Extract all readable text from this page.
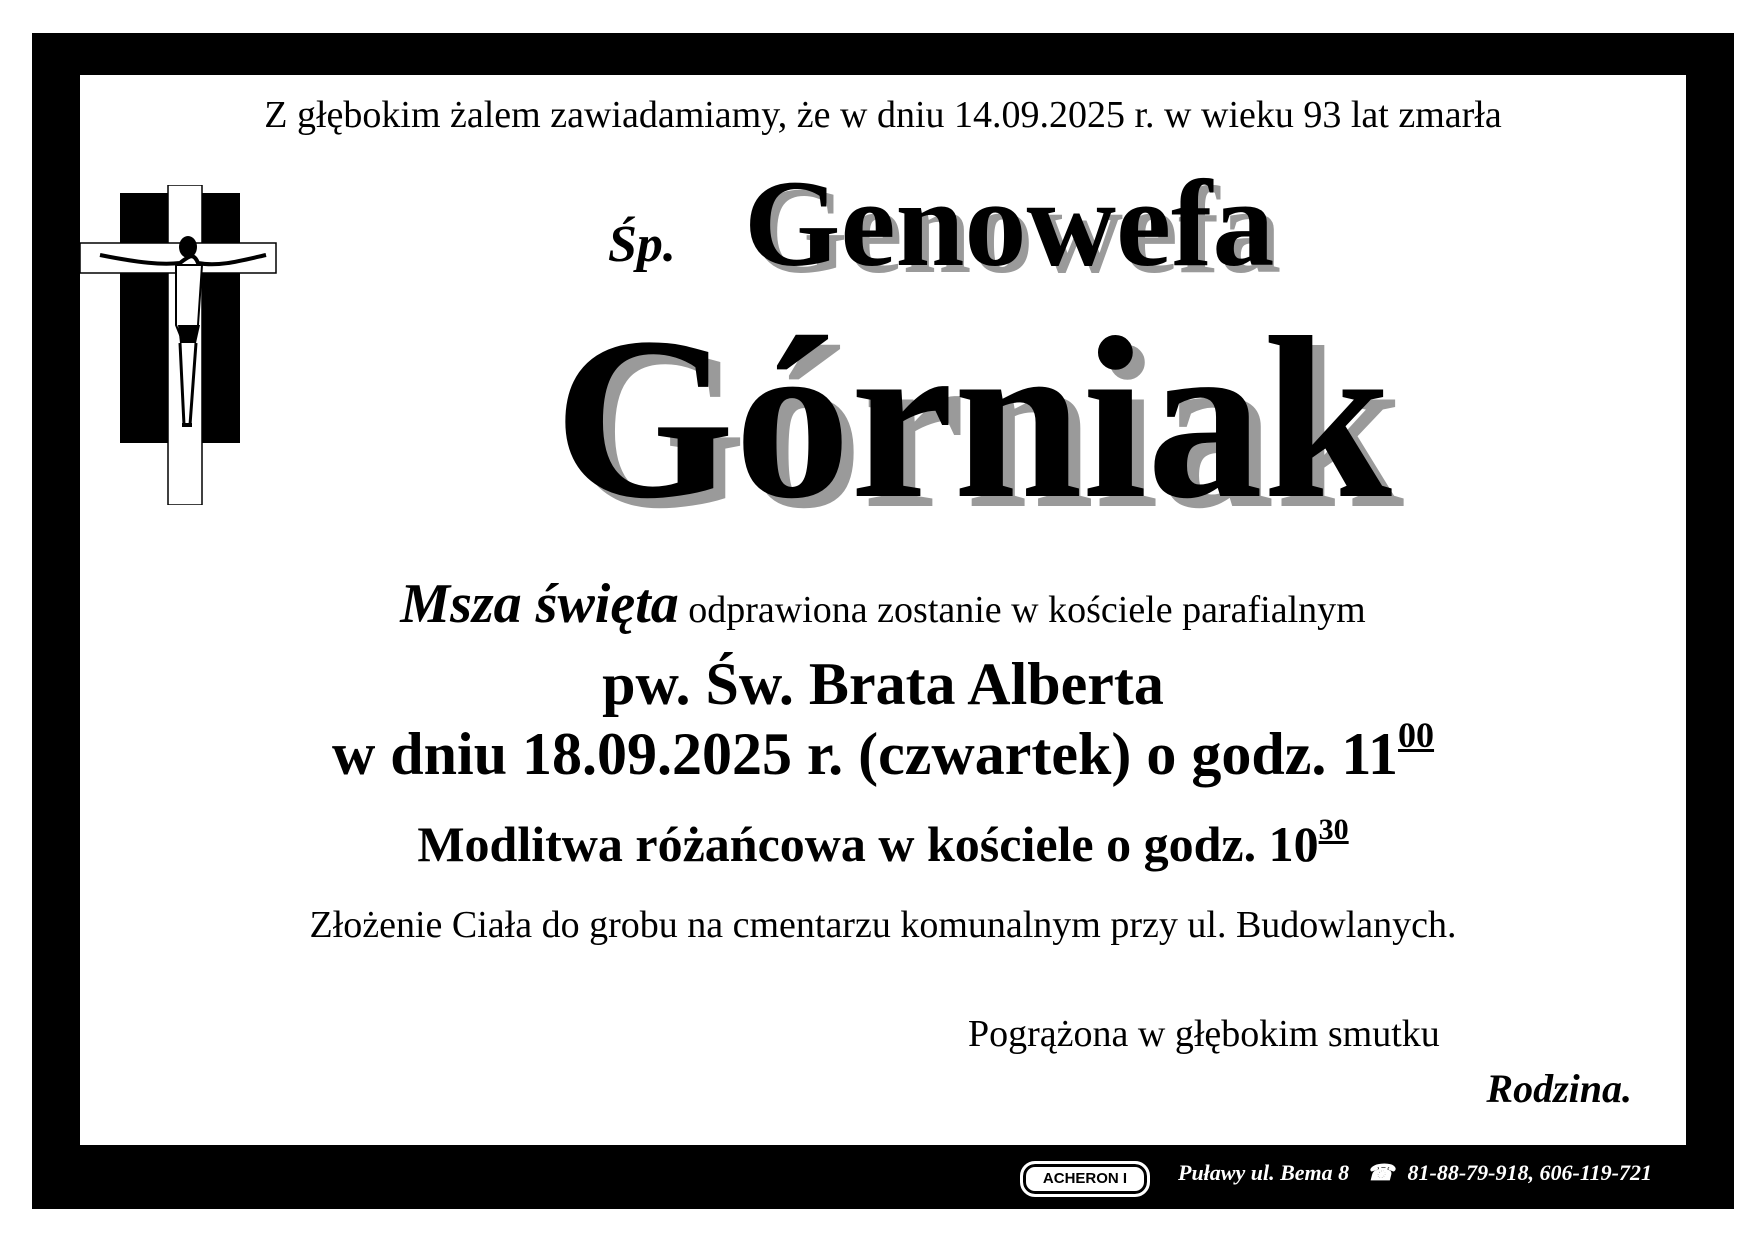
Z głębokim żalem zawiadamiamy, że w dniu 14.09.2025 r. w wieku 93 lat zmarła
Śp. Genowefa
Górniak
Msza święta odprawiona zostanie w kościele parafialnym
pw. Św. Brata Alberta
w dniu 18.09.2025 r. (czwartek) o godz. $11^{00}$
Modlitwa różańcowa w kościele o godz. $10^{30}$
Złożenie Ciała do grobu na cmentarzu komunalnym przy ul. Budowlanych.
Pogrążona w głębokim smutku
Rodzina.
ACHERON I	Puławy ul. Bema 8 ☎ 81-88-79-918, 606-119-721
